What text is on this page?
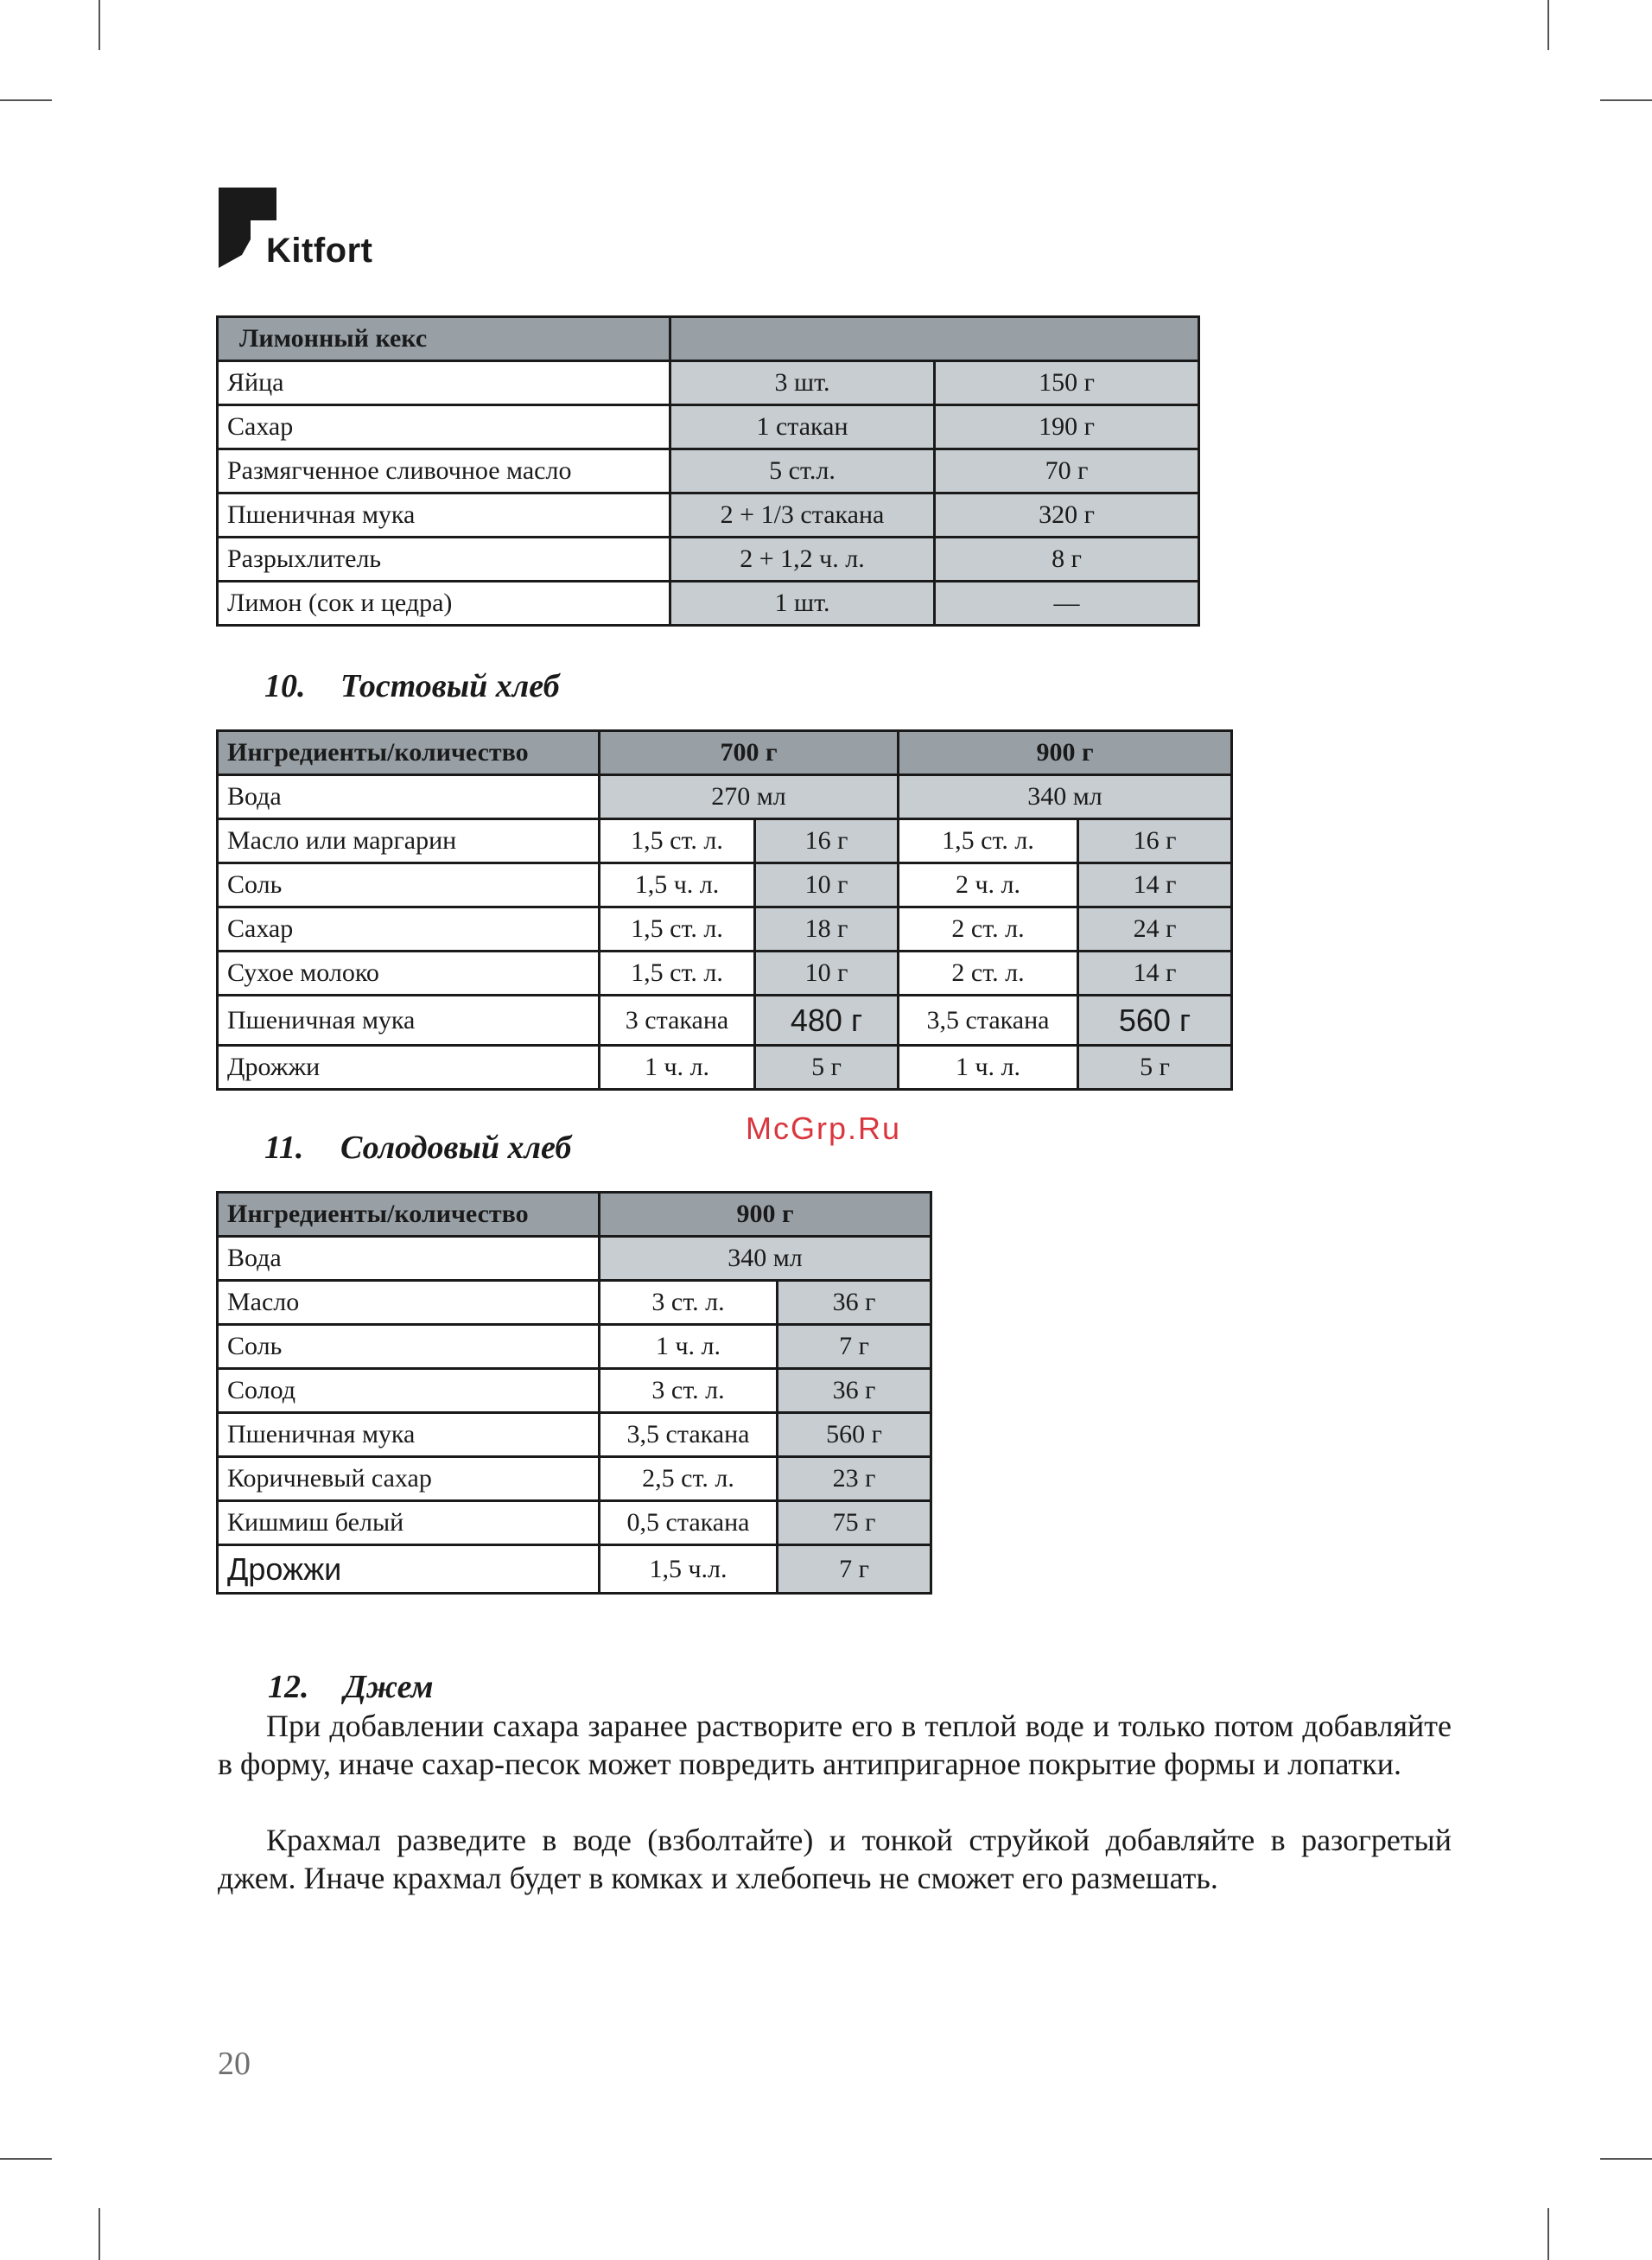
Kitfort
Лимонный кекс		
Яйца	3 шт.	150 г
Сахар	1 стакан	190 г
Размягченное сливочное масло	5 ст.л.	70 г
Пшеничная мука	2 + 1/3 стакана	320 г
Разрыхлитель	2 + 1,2 ч. л.	8 г
Лимон (сок и цедра)	1 шт.	—
10. Тостовый хлеб
Ингредиенты/количество	700 г		900 г	
Вода	270 мл		340 мл	
Масло или маргарин	1,5 ст. л.	16 г	1,5 ст. л.	16 г
Соль	1,5 ч. л.	10 г	2 ч. л.	14 г
Сахар	1,5 ст. л.	18 г	2 ст. л.	24 г
Сухое молоко	1,5 ст. л.	10 г	2 ст. л.	14 г
Пшеничная мука	3 стакана	480 г	3,5 стакана	560 г
Дрожжи	1 ч. л.	5 г	1 ч. л.	5 г
McGrp.Ru
11. Солодовый хлеб
Ингредиенты/количество	900 г	
Вода	340 мл	
Масло	3 ст. л.	36 г
Соль	1 ч. л.	7 г
Солод	3 ст. л.	36 г
Пшеничная мука	3,5 стакана	560 г
Коричневый сахар	2,5 ст. л.	23 г
Кишмиш белый	0,5 стакана	75 г
Дрожжи	1,5 ч.л.	7 г
12. Джем

При добавлении сахара заранее растворите его в теплой воде и только потом добавляйте в форму, иначе сахар-песок может повредить антипригарное покрытие формы и лопатки.

Крахмал разведите в воде (взболтайте) и тонкой струйкой добавляйте в разогретый джем. Иначе крахмал будет в комках и хлебопечь не сможет его размешать.

20
